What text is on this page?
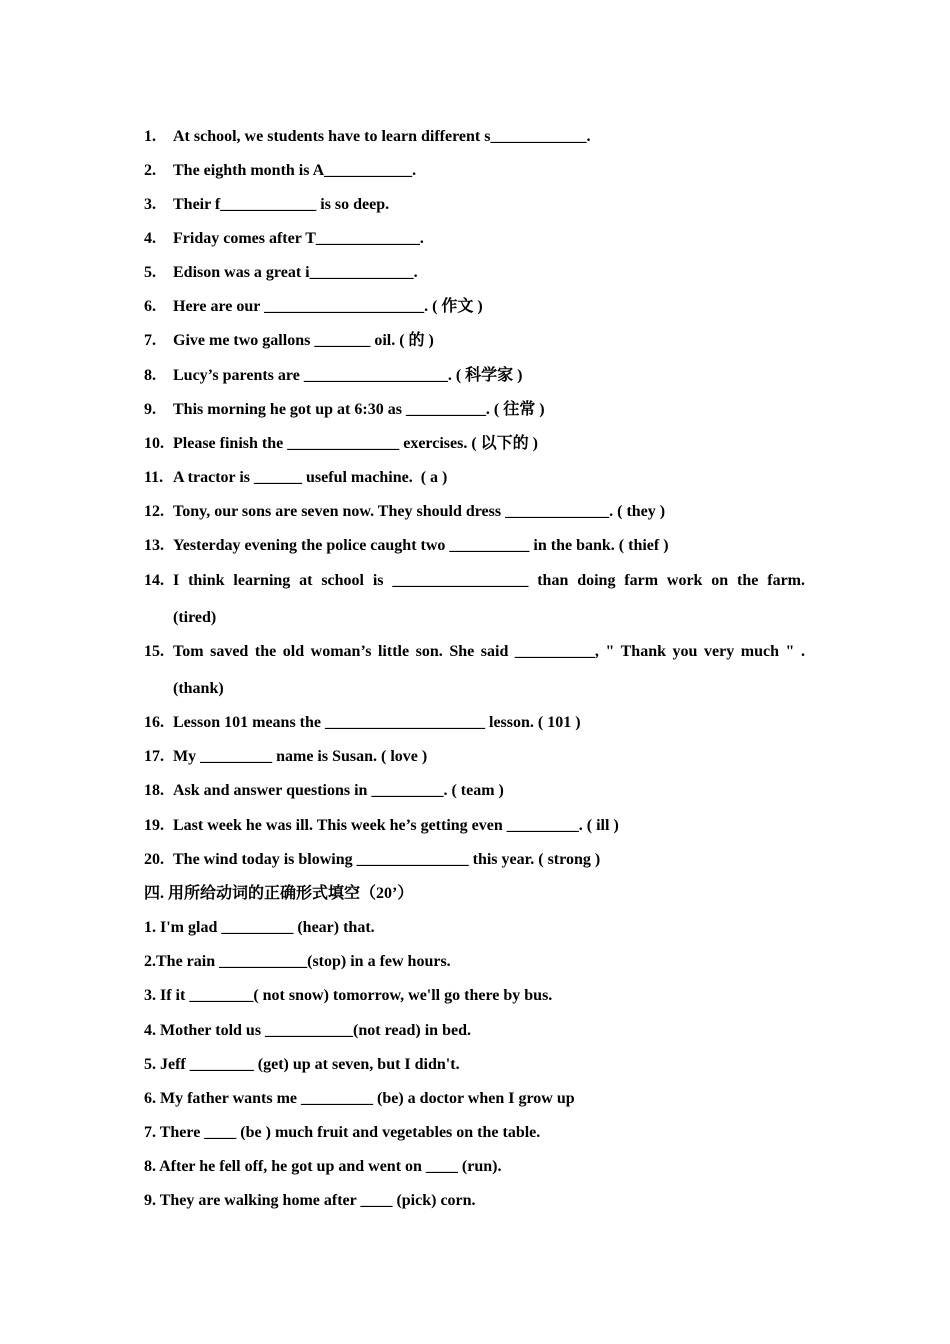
1. At school, we students have to learn different s____________.
2. The eighth month is A___________.
3. Their f____________ is so deep.
4. Friday comes after T_____________.
5. Edison was a great i_____________.
6. Here are our ____________________. ( 作文 )
7. Give me two gallons _______ oil. ( 的 )
8. Lucy’s parents are __________________. ( 科学家 )
9. This morning he got up at 6:30 as __________. ( 往常 )
10. Please finish the ______________ exercises. ( 以下的 )
11. A tractor is ______ useful machine.  ( a )
12. Tony, our sons are seven now. They should dress _____________. ( they )
13. Yesterday evening the police caught two __________ in the bank. ( thief )
14. I think learning at school is _________________ than doing farm work on the farm.
(tired)
15. Tom saved the old woman’s little son. She said __________, " Thank you very much " .
(thank)
16. Lesson 101 means the ____________________ lesson. ( 101 )
17. My _________ name is Susan. ( love )
18. Ask and answer questions in _________. ( team )
19. Last week he was ill. This week he’s getting even _________. ( ill )
20. The wind today is blowing ______________ this year. ( strong )
四. 用所给动词的正确形式填空（20’）
1. I'm glad _________ (hear) that.
2.The rain ___________(stop) in a few hours.
3. If it ________( not snow) tomorrow, we'll go there by bus.
4. Mother told us ___________(not read) in bed.
5. Jeff ________ (get) up at seven, but I didn't.
6. My father wants me _________ (be) a doctor when I grow up
7. There ____ (be ) much fruit and vegetables on the table.
8. After he fell off, he got up and went on ____ (run).
9. They are walking home after ____ (pick) corn.
